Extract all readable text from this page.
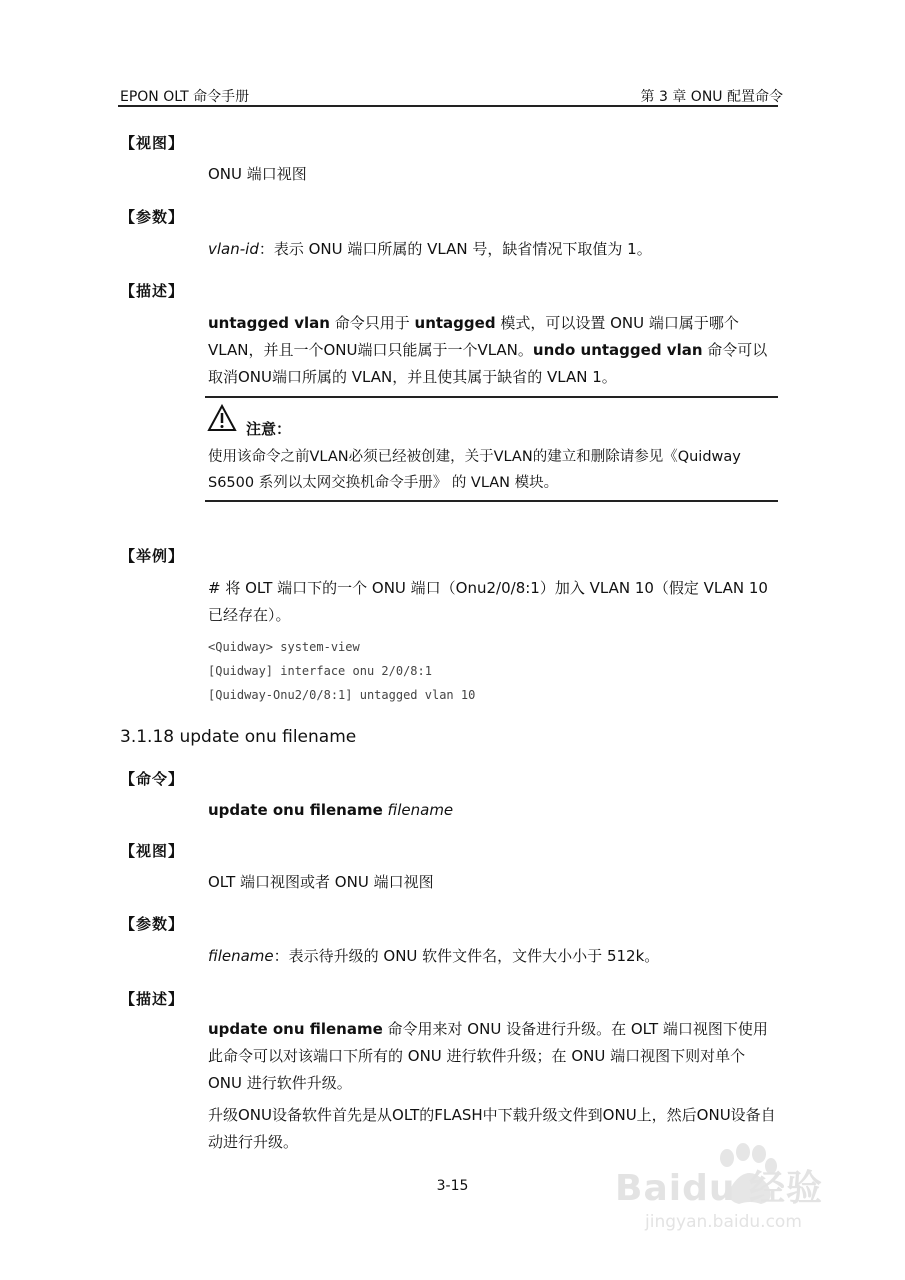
EPON OLT 命令手册	第 3 章 ONU 配置命令
【视图】
ONU 端口视图
【参数】
vlan-id：表示 ONU 端口所属的 VLAN 号，缺省情况下取值为 1。
【描述】
untagged vlan 命令只用于 untagged 模式，可以设置 ONU 端口属于哪个 VLAN，并且一个ONU端口只能属于一个VLAN。undo untagged vlan 命令可以取消ONU端口所属的 VLAN，并且使其属于缺省的 VLAN 1。
注意：
使用该命令之前VLAN必须已经被创建，关于VLAN的建立和删除请参见《Quidway S6500 系列以太网交换机命令手册》 的 VLAN 模块。
【举例】
# 将 OLT 端口下的一个 ONU 端口（Onu2/0/8:1）加入 VLAN 10（假定 VLAN 10 已经存在）。
<Quidway> system-view
[Quidway] interface onu 2/0/8:1
[Quidway-Onu2/0/8:1] untagged vlan 10
3.1.18 update onu filename
【命令】
update onu filename filename
【视图】
OLT 端口视图或者 ONU 端口视图
【参数】
filename：表示待升级的 ONU 软件文件名，文件大小小于 512k。
【描述】
update onu filename 命令用来对 ONU 设备进行升级。在 OLT 端口视图下使用此命令可以对该端口下所有的 ONU 进行软件升级；在 ONU 端口视图下则对单个 ONU 进行软件升级。
升级ONU设备软件首先是从OLT的FLASH中下载升级文件到ONU上，然后ONU设备自动进行升级。
3-15	Baidu 经验
jingyan.baidu.com
